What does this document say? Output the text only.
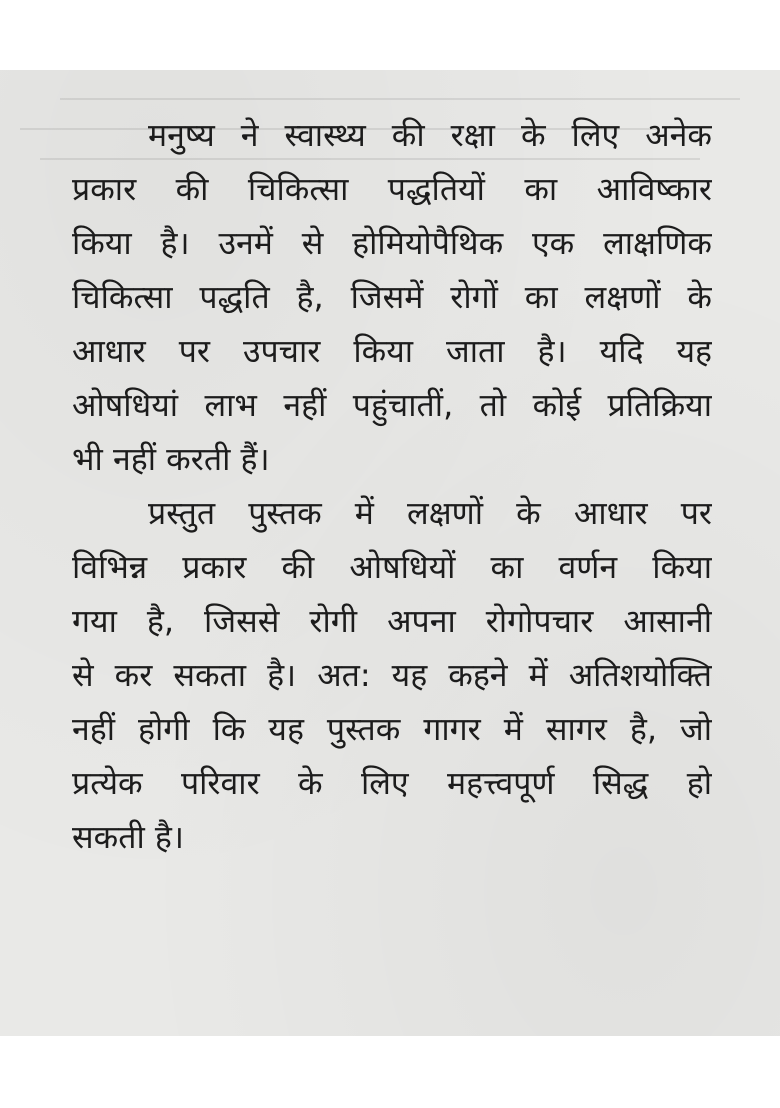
मनुष्य ने स्वास्थ्य की रक्षा के लिए अनेक
प्रकार की चिकित्सा पद्धतियों का आविष्कार
किया है। उनमें से होमियोपैथिक एक लाक्षणिक
चिकित्सा पद्धति है, जिसमें रोगों का लक्षणों के
आधार पर उपचार किया जाता है। यदि यह
ओषधियां लाभ नहीं पहुंचातीं, तो कोई प्रतिक्रिया
भी नहीं करती हैं।
प्रस्तुत पुस्तक में लक्षणों के आधार पर
विभिन्न प्रकार की ओषधियों का वर्णन किया
गया है, जिससे रोगी अपना रोगोपचार आसानी
से कर सकता है। अत: यह कहने में अतिशयोक्ति
नहीं होगी कि यह पुस्तक गागर में सागर है, जो
प्रत्येक परिवार के लिए महत्त्वपूर्ण सिद्ध हो
सकती है।
